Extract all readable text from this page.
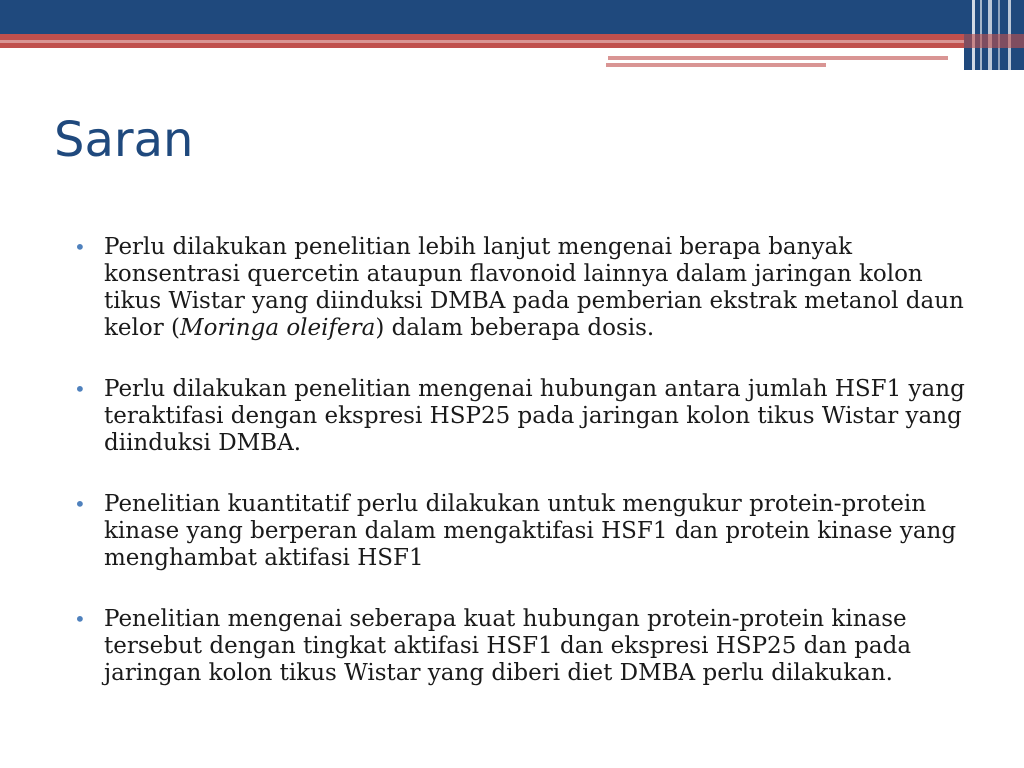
Saran
• Perlu dilakukan penelitian lebih lanjut mengenai berapa banyak konsentrasi quercetin ataupun flavonoid lainnya dalam jaringan kolon tikus Wistar yang diinduksi DMBA pada pemberian ekstrak metanol daun kelor (Moringa oleifera) dalam beberapa dosis.
• Perlu dilakukan penelitian mengenai hubungan antara jumlah HSF1 yang teraktifasi dengan ekspresi HSP25 pada jaringan kolon tikus Wistar yang diinduksi DMBA.
• Penelitian kuantitatif perlu dilakukan untuk mengukur protein-protein kinase yang berperan dalam mengaktifasi HSF1 dan protein kinase yang menghambat aktifasi HSF1
• Penelitian mengenai seberapa kuat hubungan protein-protein kinase tersebut dengan tingkat aktifasi HSF1 dan ekspresi HSP25 dan pada jaringan kolon tikus Wistar yang diberi diet DMBA perlu dilakukan.
